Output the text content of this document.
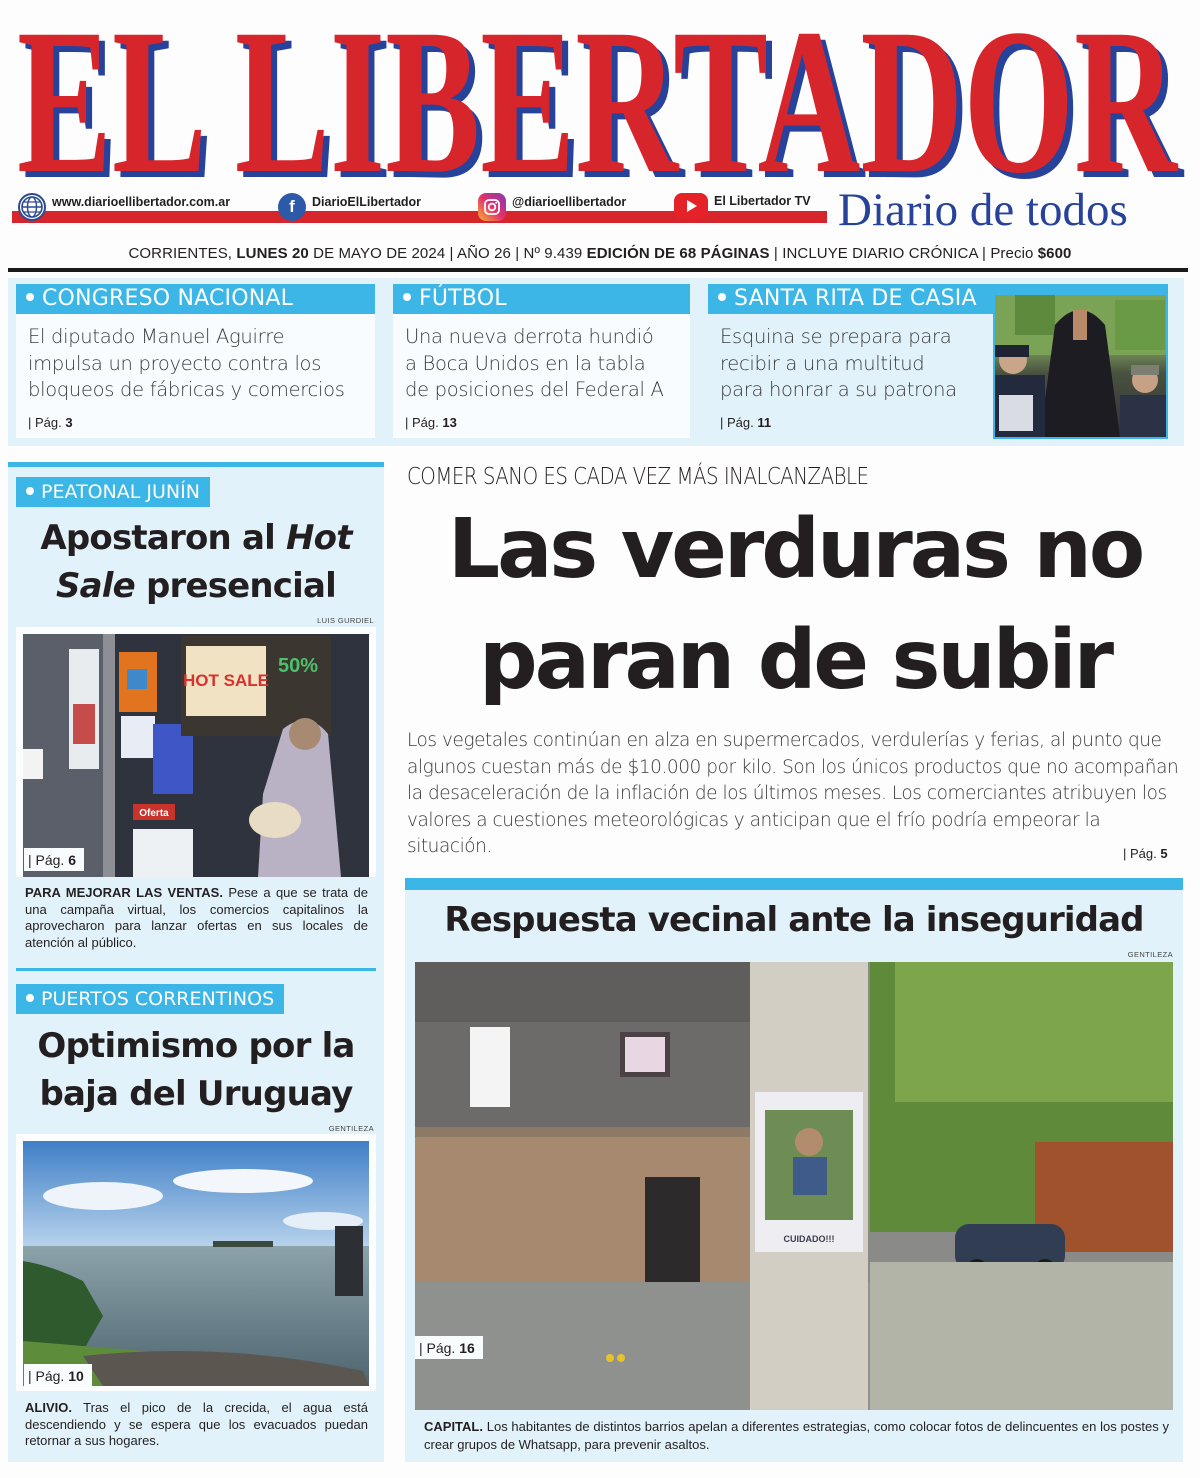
EL LIBERTADOR
EL LIBERTADOR
www.diarioellibertador.com.ar	f	DiarioElLibertador	@diarioellibertador	El Libertador TV Diario de todos
CORRIENTES, LUNES 20 DE MAYO DE 2024 | AÑO 26 | Nº 9.439 EDICIÓN DE 68 PÁGINAS | INCLUYE DIARIO CRÓNICA | Precio $600
CONGRESO NACIONAL
El diputado Manuel Aguirre
impulsa un proyecto contra los
bloqueos de fábricas y comercios
| Pág. 3
FÚTBOL
Una nueva derrota hundió
a Boca Unidos en la tabla
de posiciones del Federal A
| Pág. 13
SANTA RITA DE CASIA
Esquina se prepara para
recibir a una multitud
para honrar a su patrona
| Pág. 11
PEATONAL JUNÍN
Apostaron al Hot
Sale presencial
LUIS GURDIEL
HOT SALE
50%
Oferta
| Pág. 6
PARA MEJORAR LAS VENTAS. Pese a que se trata de una campaña virtual, los comercios capitalinos la aprovecharon para lanzar ofertas en sus locales de atención al público.
PUERTOS CORRENTINOS
Optimismo por la
baja del Uruguay
GENTILEZA
| Pág. 10
ALIVIO. Tras el pico de la crecida, el agua está descendiendo y se espera que los evacuados puedan retornar a sus hogares.
COMER SANO ES CADA VEZ MÁS INALCANZABLE
Las verduras no
paran de subir
Los vegetales continúan en alza en supermercados, verdulerías y ferias, al punto que algunos cuestan más de $10.000 por kilo. Son los únicos productos que no acompañan la desaceleración de la inflación de los últimos meses. Los comerciantes atribuyen los valores a cuestiones meteorológicas y anticipan que el frío podría empeorar la situación.	| Pág. 5
Respuesta vecinal ante la inseguridad
GENTILEZA
CUIDADO!!!
| Pág. 16
CAPITAL. Los habitantes de distintos barrios apelan a diferentes estrategias, como colocar fotos de delincuentes en los postes y crear grupos de Whatsapp, para prevenir asaltos.
